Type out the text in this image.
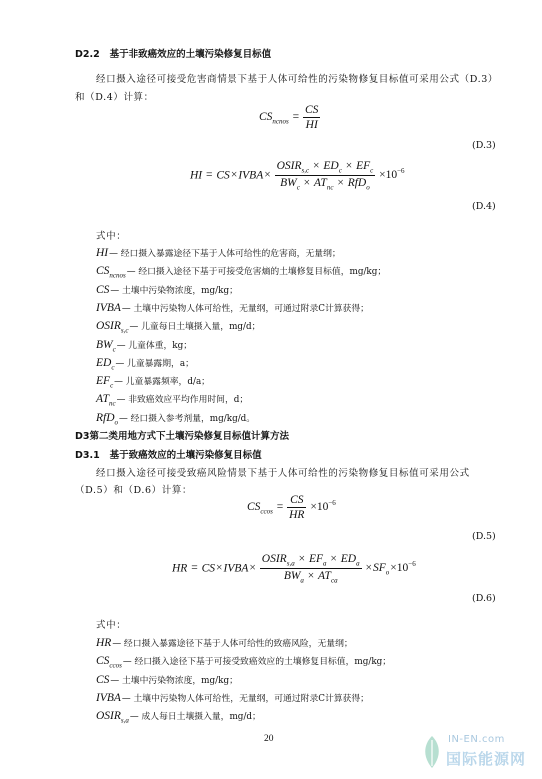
D2.2 基于非致癌效应的土壤污染修复目标值
经口摄入途径可接受危害商情景下基于人体可给性的污染物修复目标值可采用公式（D.3）
和（D.4）计算：
$CS_{ncnos} = \frac{CS}{HI}$
(D.3)
HI = CS×IVBA× $\frac{OSIR_{s,c} \times ED_c \times EF_c}{BW_c \times AT_{nc} \times RfD_o} \times 10^{-6}$
(D.4)
式中：
HI— 经口摄入暴露途径下基于人体可给性的危害商，无量纲；
$CS_{ncnos}—$ 经口摄入途径下基于可接受危害熵的土壤修复目标值，mg/kg；
CS— 土壤中污染物浓度，mg/kg；
IVBA— 土壤中污染物人体可给性，无量纲，可通过附录C计算获得；
$OSIR_{s,c}—$ 儿童每日土壤摄入量，mg/d；
$BW_c—$ 儿童体重，kg；
$ED_c—$ 儿童暴露期，a；
$EF_c—$ 儿童暴露频率，d/a；
$AT_{nc}—$ 非致癌效应平均作用时间，d；
RfD$_o$— 经口摄入参考剂量，mg/kg/d。
D3第二类用地方式下土壤污染修复目标值计算方法
D3.1 基于致癌效应的土壤污染修复目标值
经口摄入途径可接受致癌风险情景下基于人体可给性的污染物修复目标值可采用公式
（D.5）和（D.6）计算：
$CS_{ccos} = \frac{CS}{HR} \times 10^{-6}$
(D.5)
HR = CS×IVBA× $\frac{OSIR_{s,a} \times EF_a \times ED_a}{BW_a \times AT_{ca}} \times SF_o\times 10^{-6}$
(D.6)
式中：
HR— 经口摄入暴露途径下基于人体可给性的致癌风险，无量纲；
$CS_{ccos}—$ 经口摄入途径下基于可接受致癌效应的土壤修复目标值，mg/kg；
CS— 土壤中污染物浓度，mg/kg；
IVBA— 土壤中污染物人体可给性，无量纲，可通过附录C计算获得；
$OSIR_{s,a}—$ 成人每日土壤摄入量，mg/d；
20	IN-EN.com
国际能源网
